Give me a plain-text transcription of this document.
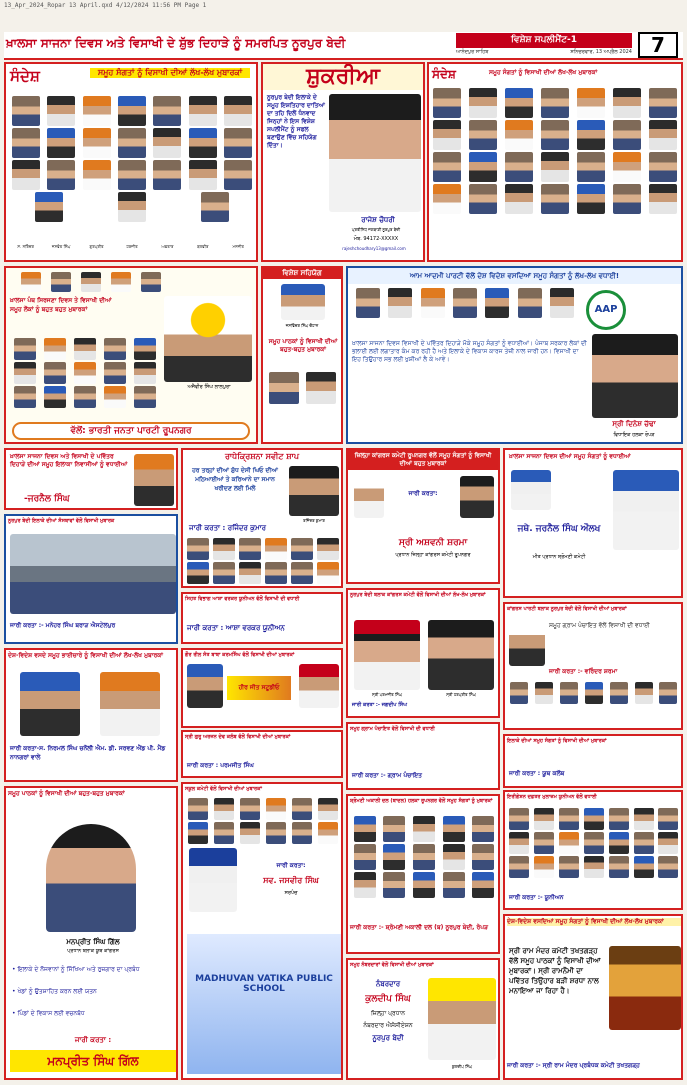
13_Apr_2024_Ropar 13 April.qxd 4/12/2024 11:56 PM Page 1
ਖ਼ਾਲਸਾ ਸਾਜਨਾ ਦਿਵਸ ਅਤੇ ਵਿਸਾਖੀ ਦੇ ਸ਼ੁੱਭ ਦਿਹਾੜੇ ਨੂੰ ਸਮਰਪਿਤ ਨੂਰਪੁਰ ਬੇਦੀ	ਵਿਸ਼ੇਸ਼ ਸਪਲੀਮੈਂਟ-1
ਆਨੰਦਪੁਰ ਸਾਹਿਬ	ਸ਼ਨਿਚਰਵਾਰ, 13 ਅਪ੍ਰੈਲ 2024 7
ਸੰਦੇਸ਼	ਸਮੂਹ ਸੰਗਤਾਂ ਨੂੰ ਵਿਸਾਖੀ ਦੀਆਂ ਲੱਖ-ਲੱਖ ਮੁਬਾਰਕਾਂ
ਸ. ਨਰਿੰਦਰ	ਜਸਵੰਤ ਸਿੰਘ	ਗੁਰਪ੍ਰੀਤ	ਹਰਜੀਤ	ਅਵਤਾਰ	ਬਲਵੀਰ	ਮਨਜੀਤ
ਸ਼ੁਕਰੀਆ
ਨੂਰਪੁਰ ਬੇਦੀ ਇਲਾਕੇ ਦੇ ਸਮੂਹ ਇਸ਼ਤਿਹਾਰ ਦਾਤਿਆਂ ਦਾ ਤਹਿ ਦਿਲੋਂ ਧੰਨਵਾਦ ਜਿਨ੍ਹਾਂ ਨੇ ਇਸ ਵਿਸ਼ੇਸ਼ ਸਪਲੀਮੈਂਟ ਨੂੰ ਸਫਲ ਬਣਾਉਣ ਵਿੱਚ ਸਹਿਯੋਗ ਦਿੱਤਾ।
ਰਾਜੇਸ਼ ਚੌਧਰੀ
ਪ੍ਰਤੀਨਿਧ ਜਗਬਾਣੀ ਨੂਰਪੁਰ ਬੇਦੀ
ਮੋਬ. 94172-XXXXX
rajeshchoudhary13@gmail.com
ਸੰਦੇਸ਼	ਸਮੂਹ ਸੰਗਤਾਂ ਨੂੰ ਵਿਸਾਖੀ ਦੀਆਂ ਲੱਖ-ਲੱਖ ਮੁਬਾਰਕਾਂ
ਖ਼ਾਲਸਾ ਪੰਥ ਸਿਰਜਣਾ ਦਿਵਸ ਤੇ ਵਿਸਾਖੀ ਦੀਆਂ ਸਮੂਹ ਲੋਕਾਂ ਨੂੰ ਬਹੁਤ ਬਹੁਤ ਮੁਬਾਰਕਾਂ
ਅਜੈਵੀਰ ਸਿੰਘ ਲਾਲਪੁਰਾ
ਵੱਲੋਂ: ਭਾਰਤੀ ਜਨਤਾ ਪਾਰਟੀ ਰੂਪਨਗਰ
ਵਿਸ਼ੇਸ਼ ਸਹਿਯੋਗ
ਜਸਵਿੰਦਰ ਸਿੰਘ ਚੌਹਾਨ
ਸਮੂਹ ਪਾਠਕਾਂ ਨੂੰ ਵਿਸਾਖੀ ਦੀਆਂ ਬਹੁਤ-ਬਹੁਤ ਮੁਬਾਰਕਾਂ
ਆਮ ਆਦਮੀ ਪਾਰਟੀ ਵੱਲੋਂ ਦੇਸ਼ ਵਿਦੇਸ਼ ਵਸਦਿਆਂ ਸਮੂਹ ਸੰਗਤਾਂ ਨੂੰ ਲੱਖ-ਲੱਖ ਵਧਾਈ!
AAP
ਖ਼ਾਲਸਾ ਸਾਜਨਾ ਦਿਵਸ ਵਿਸਾਖੀ ਦੇ ਪਵਿੱਤਰ ਦਿਹਾੜੇ ਮੌਕੇ ਸਮੂਹ ਸੰਗਤਾਂ ਨੂੰ ਵਧਾਈਆਂ। ਪੰਜਾਬ ਸਰਕਾਰ ਲੋਕਾਂ ਦੀ ਭਲਾਈ ਲਈ ਲਗਾਤਾਰ ਕੰਮ ਕਰ ਰਹੀ ਹੈ ਅਤੇ ਇਲਾਕੇ ਦੇ ਵਿਕਾਸ ਕਾਰਜ ਤੇਜ਼ੀ ਨਾਲ ਜਾਰੀ ਹਨ। ਵਿਸਾਖੀ ਦਾ ਇਹ ਤਿਉਹਾਰ ਸਭ ਲਈ ਖੁਸ਼ੀਆਂ ਲੈ ਕੇ ਆਵੇ।
ਸ੍ਰੀ ਦਿਨੇਸ਼ ਚੱਢਾ
ਵਿਧਾਇਕ ਹਲਕਾ ਰੋਪੜ
ਖ਼ਾਲਸਾ ਸਾਜਨਾ ਦਿਵਸ ਅਤੇ ਵਿਸਾਖੀ ਦੇ ਪਵਿੱਤਰ ਦਿਹਾੜੇ ਦੀਆਂ ਸਮੂਹ ਇਲਾਕਾ ਨਿਵਾਸੀਆਂ ਨੂੰ ਵਧਾਈਆਂ
-ਜਰਨੈਲ ਸਿੰਘ
ਰਾਧੇਕ੍ਰਿਸ਼ਨਾ ਸਵੀਟ ਸ਼ਾਪ
ਹਰ ਤਰ੍ਹਾਂ ਦੀਆਂ ਸ਼ੁੱਧ ਦੇਸੀ ਘਿਓ ਦੀਆਂ ਮਠਿਆਈਆਂ ਤੇ ਕਰਿਆਨੇ ਦਾ ਸਮਾਨ ਖਰੀਦਣ ਲਈ ਮਿਲੋ
ਰਜਿੰਦਰ ਕੁਮਾਰ
ਜਾਰੀ ਕਰਤਾ : ਰਜਿੰਦਰ ਕੁਮਾਰ
ਜ਼ਿਲ੍ਹਾ ਕਾਂਗਰਸ ਕਮੇਟੀ ਰੂਪਨਗਰ ਵੱਲੋਂ ਸਮੂਹ ਸੰਗਤਾਂ ਨੂੰ ਵਿਸਾਖੀ ਦੀਆਂ ਬਹੁਤ ਮੁਬਾਰਕਾਂ
ਜਾਰੀ ਕਰਤਾ:
ਸ੍ਰੀ ਅਸ਼ਵਨੀ ਸ਼ਰਮਾ
ਪ੍ਰਧਾਨ ਜ਼ਿਲ੍ਹਾ ਕਾਂਗਰਸ ਕਮੇਟੀ ਰੂਪਨਗਰ
ਖ਼ਾਲਸਾ ਸਾਜਨਾ ਦਿਵਸ ਦੀਆਂ ਸਮੂਹ ਸੰਗਤਾਂ ਨੂੰ ਵਧਾਈਆਂ
ਜਥੇ. ਜਰਨੈਲ ਸਿੰਘ ਔਲਖ
ਮੀਤ ਪ੍ਰਧਾਨ ਸ਼੍ਰੋਮਣੀ ਕਮੇਟੀ
ਨੂਰਪੁਰ ਬੇਦੀ ਇਲਾਕੇ ਦੀਆਂ ਸੰਸਥਾਵਾਂ ਵੱਲੋਂ ਵਿਸਾਖੀ ਮੁਬਾਰਕ
ਜਾਰੀ ਕਰਤਾ :- ਮਨੋਹਰ ਸਿੰਘ ਬਰਾੜ ਐਸਟੇਲਪੁਰ
ਸਿਹਤ ਵਿਭਾਗ ਆਸ਼ਾ ਵਰਕਰ ਯੂਨੀਅਨ ਵੱਲੋਂ ਵਿਸਾਖੀ ਦੀ ਵਧਾਈ
ਜਾਰੀ ਕਰਤਾ : ਆਸ਼ਾ ਵਰਕਰ ਯੂਨੀਅਨ
ਨੂਰਪੁਰ ਬੇਦੀ ਬਲਾਕ ਕਾਂਗਰਸ ਕਮੇਟੀ ਵੱਲੋਂ ਵਿਸਾਖੀ ਦੀਆਂ ਲੱਖ-ਲੱਖ ਮੁਬਾਰਕਾਂ
ਸ੍ਰੀ ਪਰਮਜੀਤ ਸਿੰਘ	ਸ੍ਰੀ ਹਰਪ੍ਰੀਤ ਸਿੰਘ
ਜਾਰੀ ਕਰਤਾ :- ਜਗਦੀਪ ਸਿੰਘ
ਕਾਂਗਰਸ ਪਾਰਟੀ ਬਲਾਕ ਨੂਰਪੁਰ ਬੇਦੀ ਵੱਲੋਂ ਵਿਸਾਖੀ ਦੀਆਂ ਮੁਬਾਰਕਾਂ
ਸਮੂਹ ਗ੍ਰਾਮ ਪੰਚਾਇਤ ਵੱਲੋਂ ਵਿਸਾਖੀ ਦੀ ਵਧਾਈ
ਜਾਰੀ ਕਰਤਾ :- ਵਰਿੰਦਰ ਸ਼ਰਮਾ
ਦੇਸ਼-ਵਿਦੇਸ਼ ਵਸਦੇ ਸਮੂਹ ਭਾਈਚਾਰੇ ਨੂੰ ਵਿਸਾਖੀ ਦੀਆਂ ਲੱਖ-ਲੱਖ ਮੁਬਾਰਕਾਂ
ਜਾਰੀ ਕਰਤਾ-ਸ. ਨਿਰਮਲ ਸਿੰਘ ਚਨੌਲੀ ਐਮ. ਡੀ. ਸਰਵਣ ਐਂਡ ਪੀ. ਮੈਂਡ ਨਾਨਗਰਾਂ ਵਾਲੇ
ਗੌਰ ਰੀਲ ਸੰਤ ਬਾਬਾ ਕਰਮਸਿੰਘ ਵੱਲੋਂ ਵਿਸਾਖੀ ਦੀਆਂ ਮੁਬਾਰਕਾਂ
ਹੀਰ ਜੀਤ ਸਟੂਡੀਓ
ਸ੍ਰੀ ਗੁਰੂ ਅਰਜਨ ਦੇਵ ਕਲੱਬ ਵੱਲੋਂ ਵਿਸਾਖੀ ਦੀਆਂ ਮੁਬਾਰਕਾਂ
ਜਾਰੀ ਕਰਤਾ : ਪਰਮਜੀਤ ਸਿੰਘ
ਸਮੂਹ ਗ੍ਰਾਮ ਪੰਚਾਇਤ ਵੱਲੋਂ ਵਿਸਾਖੀ ਦੀ ਵਧਾਈ
ਜਾਰੀ ਕਰਤਾ :- ਗ੍ਰਾਮ ਪੰਚਾਇਤ
ਇਲਾਕੇ ਦੀਆਂ ਸਮੂਹ ਸੰਗਤਾਂ ਨੂੰ ਵਿਸਾਖੀ ਦੀਆਂ ਮੁਬਾਰਕਾਂ
ਜਾਰੀ ਕਰਤਾ : ਯੂਥ ਕਲੱਬ
ਸਮੂਹ ਪਾਠਕਾਂ ਨੂੰ ਵਿਸਾਖੀ ਦੀਆਂ ਬਹੁਤ-ਬਹੁਤ ਮੁਬਾਰਕਾਂ
ਮਨਪ੍ਰੀਤ ਸਿੰਘ ਗਿੱਲ
ਪ੍ਰਧਾਨ ਬਲਾਕ ਯੂਥ ਕਾਂਗਰਸ
• ਇਲਾਕੇ ਦੇ ਨੌਜਵਾਨਾਂ ਨੂੰ ਸਿੱਖਿਆ ਅਤੇ ਰੁਜ਼ਗਾਰ ਦਾ ਪ੍ਰਬੰਧ
• ਖੇਡਾਂ ਨੂੰ ਉਤਸ਼ਾਹਿਤ ਕਰਨ ਲਈ ਯਤਨ
• ਪਿੰਡਾਂ ਦੇ ਵਿਕਾਸ ਲਈ ਵਚਨਬੱਧ
ਜਾਰੀ ਕਰਤਾ :
ਮਨਪ੍ਰੀਤ ਸਿੰਘ ਗਿੱਲ
ਸਕੂਲ ਕਮੇਟੀ ਵੱਲੋਂ ਵਿਸਾਖੀ ਦੀਆਂ ਮੁਬਾਰਕਾਂ
ਜਾਰੀ ਕਰਤਾ:
ਸਵ. ਜਸਵੀਰ ਸਿੰਘ
ਸਰਪੰਚ
MADHUVAN VATIKA PUBLIC SCHOOL
ਸ਼੍ਰੋਮਣੀ ਅਕਾਲੀ ਦਲ (ਬਾਦਲ) ਹਲਕਾ ਰੂਪਨਗਰ ਵੱਲੋਂ ਸਮੂਹ ਸੰਗਤਾਂ ਨੂੰ ਮੁਬਾਰਕਾਂ
ਜਾਰੀ ਕਰਤਾ :- ਸ਼੍ਰੋਮਣੀ ਅਕਾਲੀ ਦਲ (ਬ) ਨੂਰਪੁਰ ਬੇਦੀ, ਰੋਪੜ
ਇਰੀਗੇਸ਼ਨ ਦਫ਼ਤਰ ਮੁਲਾਜ਼ਮ ਯੂਨੀਅਨ ਵੱਲੋਂ ਵਧਾਈ
ਜਾਰੀ ਕਰਤਾ :- ਯੂਨੀਅਨ
ਸਮੂਹ ਨੰਬਰਦਾਰਾਂ ਵੱਲੋਂ ਵਿਸਾਖੀ ਦੀਆਂ ਮੁਬਾਰਕਾਂ
ਨੰਬਰਦਾਰ
ਕੁਲਦੀਪ ਸਿੰਘ
ਜ਼ਿਲ੍ਹਾ ਪ੍ਰਧਾਨ
ਨੰਬਰਦਾਰ ਐਸੋਸੀਏਸ਼ਨ
ਨੂਰਪੁਰ ਬੇਦੀ
ਕੁਲਦੀਪ ਸਿੰਘ
ਦੇਸ਼-ਵਿਦੇਸ਼ ਵਸਦਿਆਂ ਸਮੂਹ ਸੰਗਤਾਂ ਨੂੰ ਵਿਸਾਖੀ ਦੀਆਂ ਲੱਖ-ਲੱਖ ਮੁਬਾਰਕਾਂ
ਸ੍ਰੀ ਰਾਮ ਮੰਦਰ ਕਮੇਟੀ ਤਖਤਗੜ੍ਹ ਵੱਲੋਂ ਸਮੂਹ ਪਾਠਕਾਂ ਨੂੰ ਵਿਸਾਖੀ ਦੀਆਂ ਮੁਬਾਰਕਾਂ। ਸ੍ਰੀ ਰਾਮਨੌਮੀ ਦਾ ਪਵਿੱਤਰ ਤਿਉਹਾਰ ਬੜੀ ਸ਼ਰਧਾ ਨਾਲ ਮਨਾਇਆ ਜਾ ਰਿਹਾ ਹੈ।
ਜਾਰੀ ਕਰਤਾ :- ਸ੍ਰੀ ਰਾਮ ਮੰਦਰ ਪ੍ਰਬੰਧਕ ਕਮੇਟੀ ਤਖਤਗੜ੍ਹ
